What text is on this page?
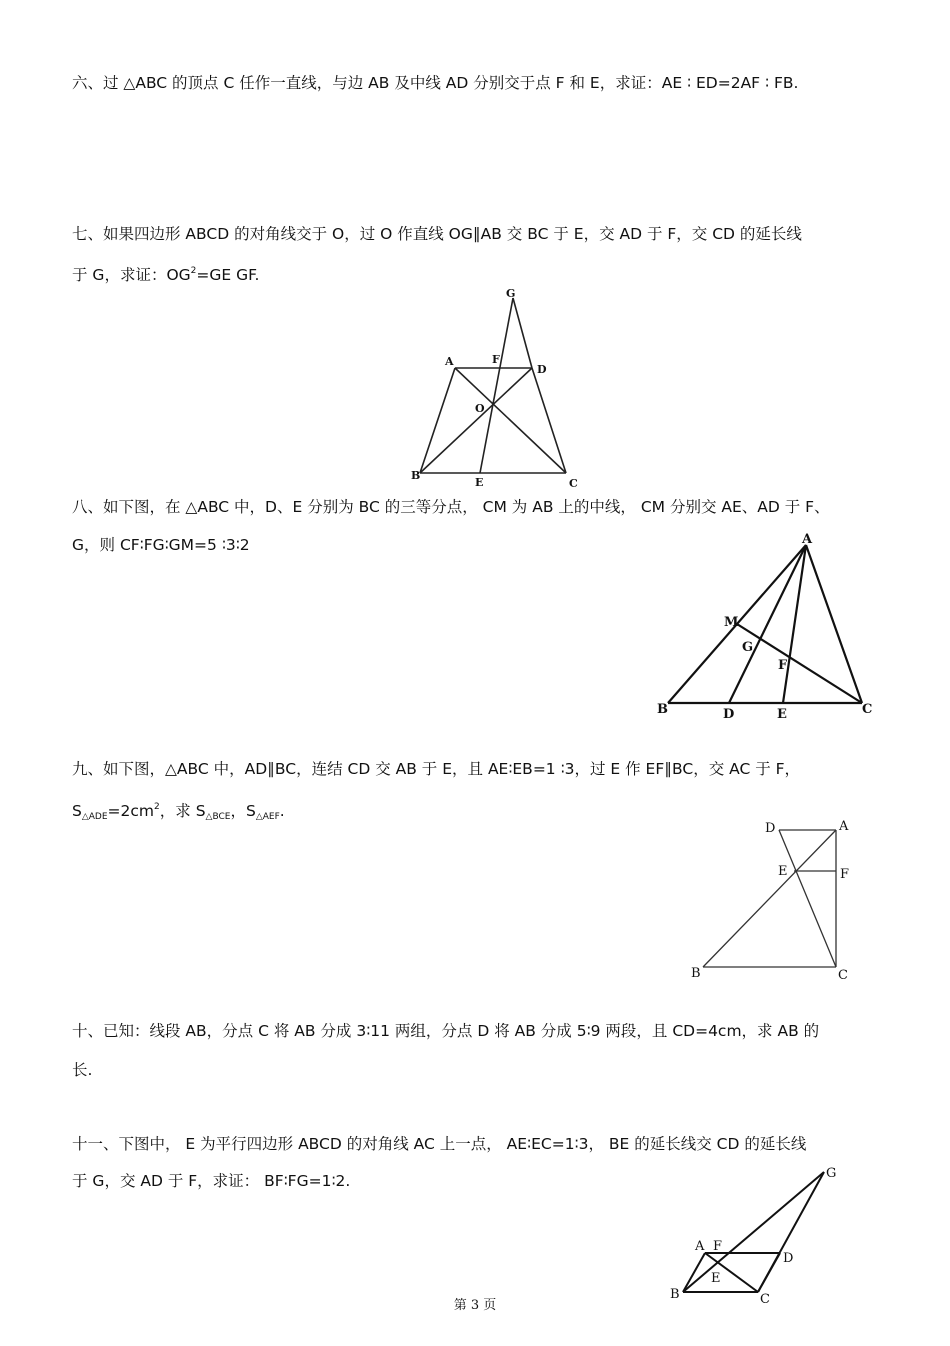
六、过 △ABC 的顶点 C 任作一直线，与边 AB 及中线 AD 分别交于点 F 和 E，求证：AE ∶ ED=2AF ∶ FB.
七、如果四边形 ABCD 的对角线交于 O，过 O 作直线 OG∥AB 交 BC 于 E，交 AD 于 F，交 CD 的延长线
于 G，求证：$OG^2=GE$ GF.
G
A	F
D
O
B
E	C
八、如下图，在 △ABC 中，D、E 分别为 BC 的三等分点， CM 为 AB 上的中线， CM 分别交 AE、AD 于 F、
G，则 CF∶FG∶GM=5 ∶3∶2	A
M
G
F
B	D	E	C
九、如下图，△ABC 中，AD∥BC，连结 CD 交 AB 于 E，且 AE∶EB=1 ∶3，过 E 作 EF∥BC，交 AC 于 F，
$S_{\triangle ADE}=2cm^2$，求 $S_{\triangle BCE}$，$S_{\triangle AEF}$.
D	A
E	F
B	C
十、已知：线段 AB，分点 C 将 AB 分成 3∶11 两组，分点 D 将 AB 分成 5∶9 两段，且 CD=4cm，求 AB 的
长.
十一、下图中， E 为平行四边形 ABCD 的对角线 AC 上一点， AE∶EC=1∶3， BE 的延长线交 CD 的延长线
于 G，交 AD 于 F，求证： BF∶FG=1∶2.	G
A F
D
E
B	C
第 3 页
